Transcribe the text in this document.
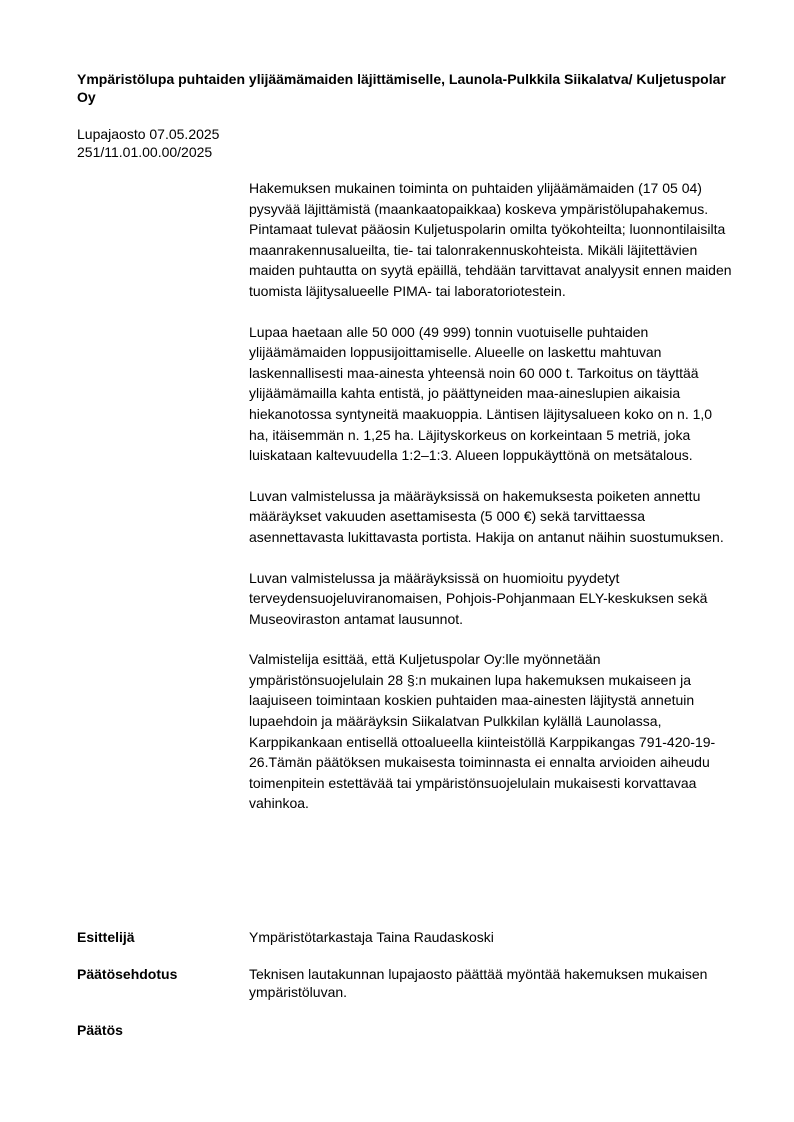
Ympäristölupa puhtaiden ylijäämämaiden läjittämiselle, Launola-Pulkkila Siikalatva/ Kuljetuspolar Oy
Lupajaosto 07.05.2025
251/11.01.00.00/2025

Hakemuksen mukainen toiminta on puhtaiden ylijäämämaiden (17 05 04) pysyvää läjittämistä (maankaatopaikkaa) koskeva ympäristölupahakemus. Pintamaat tulevat pääosin Kuljetuspolarin omilta työkohteilta; luonnontilaisilta maanrakennusalueilta, tie- tai talonrakennuskohteista. Mikäli läjitettävien maiden puhtautta on syytä epäillä, tehdään tarvittavat analyysit ennen maiden tuomista läjitysalueelle PIMA- tai laboratoriotestein.

Lupaa haetaan alle 50 000 (49 999) tonnin vuotuiselle puhtaiden ylijäämämaiden loppusijoittamiselle. Alueelle on laskettu mahtuvan laskennallisesti maa-ainesta yhteensä noin 60 000 t. Tarkoitus on täyttää ylijäämämailla kahta entistä, jo päättyneiden maa-aineslupien aikaisia hiekanotossa syntyneitä maakuoppia. Läntisen läjitysalueen koko on n. 1,0 ha, itäisemmän n. 1,25 ha. Läjityskorkeus on korkeintaan 5 metriä, joka luiskataan kaltevuudella 1:2–1:3. Alueen loppukäyttönä on metsätalous.

Luvan valmistelussa ja määräyksissä on hakemuksesta poiketen annettu määräykset vakuuden asettamisesta (5 000 €) sekä tarvittaessa asennettavasta lukittavasta portista. Hakija on antanut näihin suostumuksen.

Luvan valmistelussa ja määräyksissä on huomioitu pyydetyt terveydensuojeluviranomaisen, Pohjois-Pohjanmaan ELY-keskuksen sekä Museoviraston antamat lausunnot.

Valmistelija esittää, että Kuljetuspolar Oy:lle myönnetään ympäristönsuojelulain 28 §:n mukainen lupa hakemuksen mukaiseen ja laajuiseen toimintaan koskien puhtaiden maa-ainesten läjitystä annetuin lupaehdoin ja määräyksin Siikalatvan Pulkkilan kylällä Launolassa, Karppikankaan entisellä ottoalueella kiinteistöllä Karppikangas 791-420-19-26.Tämän päätöksen mukaisesta toiminnasta ei ennalta arvioiden aiheudu toimenpitein estettävää tai ympäristönsuojelulain mukaisesti korvattavaa vahinkoa.

Esittelijä	Ympäristötarkastaja Taina Raudaskoski
Päätösehdotus	Teknisen lautakunnan lupajaosto päättää myöntää hakemuksen mukaisen ympäristöluvan.
Päätös
